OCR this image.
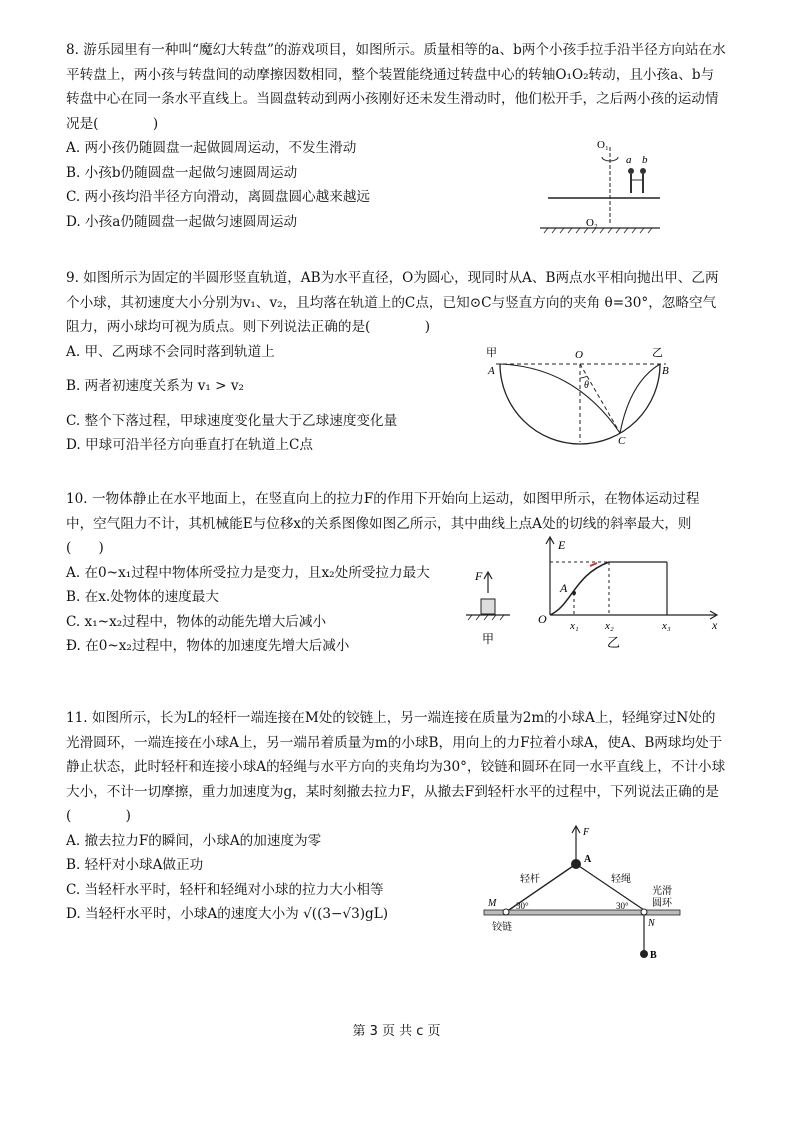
8. 游乐园里有一种叫“魔幻大转盘”的游戏项目，如图所示。质量相等的a、b两个小孩手拉手沿半径方向站在水平转盘上，两小孩与转盘间的动摩擦因数相同，整个装置能绕通过转盘中心的转轴O₁O₂转动，且小孩a、b与转盘中心在同一条水平直线上。当圆盘转动到两小孩刚好还未发生滑动时，他们松开手，之后两小孩的运动情况是(　　　　)

A. 两小孩仍随圆盘一起做圆周运动，不发生滑动
B. 小孩b仍随圆盘一起做匀速圆周运动
C. 两小孩均沿半径方向滑动，离圆盘圆心越来越远
D. 小孩a仍随圆盘一起做匀速圆周运动
O₁
a b
O₂

9. 如图所示为固定的半圆形竖直轨道，AB为水平直径，O为圆心，现同时从A、B两点水平相向抛出甲、乙两个小球，其初速度大小分别为v₁、v₂，且均落在轨道上的C点，已知⊙C与竖直方向的夹角 θ=30°，忽略空气阻力，两小球均可视为质点。则下列说法正确的是(　　　　)

A. 甲、乙两球不会同时落到轨道上
B. 两者初速度关系为 v₁ > v₂
C. 整个下落过程，甲球速度变化量大于乙球速度变化量
D. 甲球可沿半径方向垂直打在轨道上C点
甲	乙
A	B
O
C
θ

10. 一物体静止在水平地面上，在竖直向上的拉力F的作用下开始向上运动，如图甲所示，在物体运动过程中，空气阻力不计，其机械能E与位移x的关系图像如图乙所示，其中曲线上点A处的切线的斜率最大，则　(　　)

A. 在0~x₁过程中物体所受拉力是变力，且x₂处所受拉力最大
B. 在x.处物体的速度最大
C. x₁~x₂过程中，物体的动能先增大后减小
Đ. 在0~x₂过程中，物体的加速度先增大后减小
F
甲
E
A
O x₁ x₂	x₃	x
乙

11. 如图所示，长为L的轻杆一端连接在M处的铰链上，另一端连接在质量为2m的小球A上，轻绳穿过N处的光滑圆环，一端连接在小球A上，另一端吊着质量为m的小球B，用向上的力F拉着小球A，使A、B两球均处于静止状态，此时轻杆和连接小球A的轻绳与水平方向的夹角均为30°，铰链和圆环在同一水平直线上，不计小球大小，不计一切摩擦，重力加速度为g，某时刻撤去拉力F，从撤去F到轻杆水平的过程中，下列说法正确的是 (　　　　)

A. 撤去拉力F的瞬间，小球A的加速度为零
B. 轻杆对小球A做正功
C. 当轻杆水平时，轻杆和轻绳对小球的拉力大小相等
D. 当轻杆水平时，小球A的速度大小为 √((3−√3)gL)
F
A
B
M
N
轻杆	轻绳
光滑
圆环
铰链
30°	30°
第 3 页 共 c 页
